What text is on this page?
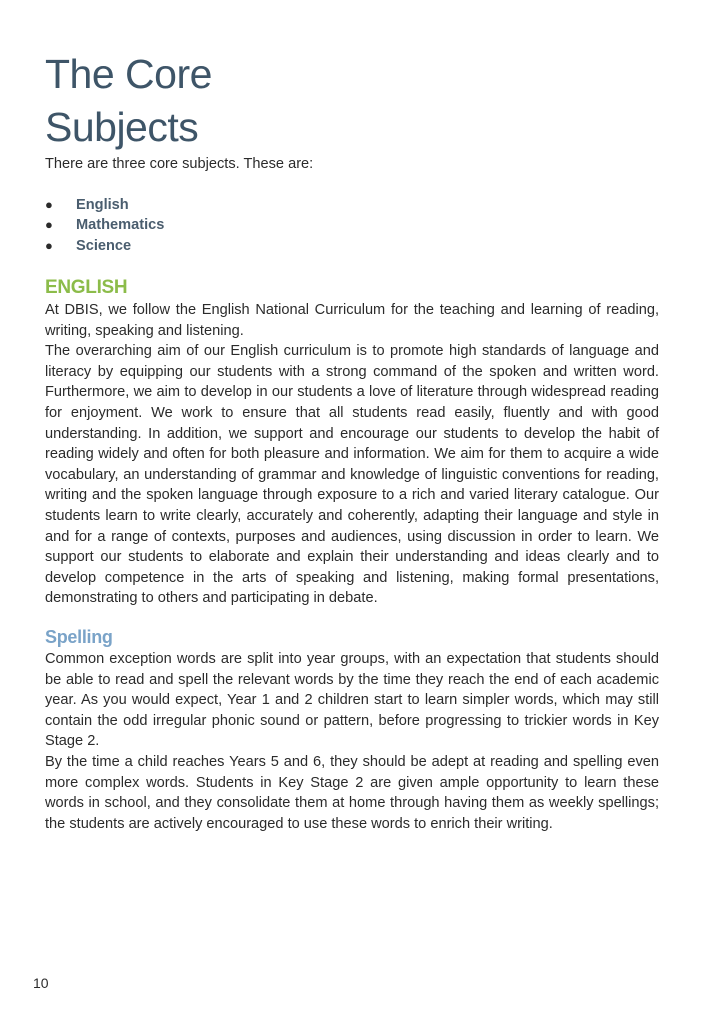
The Core
Subjects

There are three core subjects. These are:

● English
● Mathematics
● Science
ENGLISH

At DBIS, we follow the English National Curriculum for the teaching and learning of reading, writing, speaking and listening.

The overarching aim of our English curriculum is to promote high standards of language and literacy by equipping our students with a strong command of the spoken and written word. Furthermore, we aim to develop in our students a love of literature through widespread reading for enjoyment. We work to ensure that all students read easily, fluently and with good understanding. In addition, we support and encourage our students to develop the habit of reading widely and often for both pleasure and information. We aim for them to acquire a wide vocabulary, an understanding of grammar and knowledge of linguistic conventions for reading, writing and the spoken language through exposure to a rich and varied literary catalogue. Our students learn to write clearly, accurately and coherently, adapting their language and style in and for a range of contexts, purposes and audiences, using discussion in order to learn. We support our students to elaborate and explain their understanding and ideas clearly and to develop competence in the arts of speaking and listening, making formal presentations, demonstrating to others and participating in debate.

Spelling

Common exception words are split into year groups, with an expectation that students should be able to read and spell the relevant words by the time they reach the end of each academic year. As you would expect, Year 1 and 2 children start to learn simpler words, which may still contain the odd irregular phonic sound or pattern, before progressing to trickier words in Key Stage 2.

By the time a child reaches Years 5 and 6, they should be adept at reading and spelling even more complex words. Students in Key Stage 2 are given ample opportunity to learn these words in school, and they consolidate them at home through having them as weekly spellings; the students are actively encouraged to use these words to enrich their writing.

10
